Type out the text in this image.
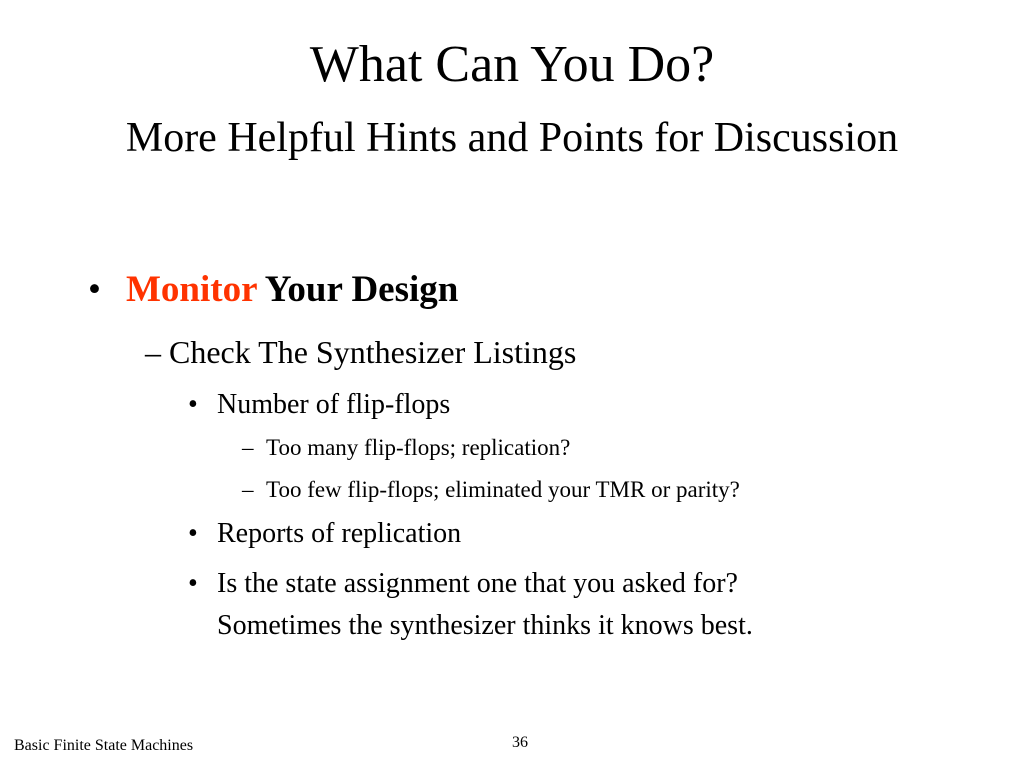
What Can You Do?
More Helpful Hints and Points for Discussion
• Monitor Your Design
– Check The Synthesizer Listings
• Number of flip-flops
– Too many flip-flops; replication?
– Too few flip-flops; eliminated your TMR or parity?
• Reports of replication
• Is the state assignment one that you asked for?
Sometimes the synthesizer thinks it knows best.
Basic Finite State Machines	36
